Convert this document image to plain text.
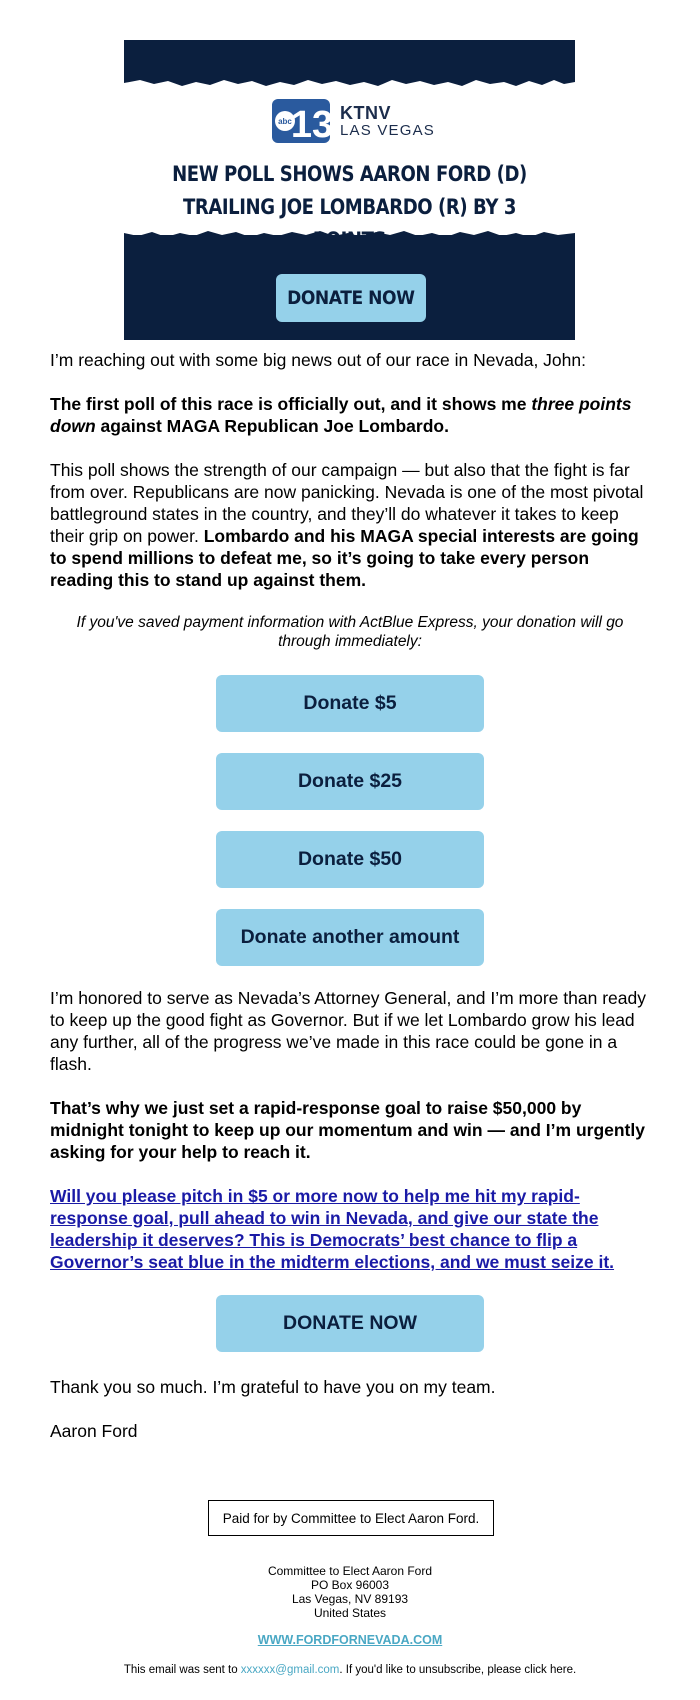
abc
13 KTNV
LAS VEGAS
NEW POLL SHOWS AARON FORD (D)
TRAILING JOE LOMBARDO (R) BY 3
DONATE NOW

I’m reaching out with some big news out of our race in Nevada, John:

The first poll of this race is officially out, and it shows me three points down against MAGA Republican Joe Lombardo.

This poll shows the strength of our campaign — but also that the fight is far from over. Republicans are now panicking. Nevada is one of the most pivotal battleground states in the country, and they’ll do whatever it takes to keep their grip on power. Lombardo and his MAGA special interests are going to spend millions to defeat me, so it’s going to take every person reading this to stand up against them.

If you've saved payment information with ActBlue Express, your donation will go through immediately:

Donate $5
Donate $25
Donate $50
Donate another amount

I’m honored to serve as Nevada’s Attorney General, and I’m more than ready to keep up the good fight as Governor. But if we let Lombardo grow his lead any further, all of the progress we’ve made in this race could be gone in a flash.

That’s why we just set a rapid-response goal to raise $50,000 by midnight tonight to keep up our momentum and win — and I’m urgently asking for your help to reach it.

Will you please pitch in $5 or more now to help me hit my rapid-response goal, pull ahead to win in Nevada, and give our state the leadership it deserves? This is Democrats’ best chance to flip a Governor’s seat blue in the midterm elections, and we must seize it.

DONATE NOW

Thank you so much. I’m grateful to have you on my team.

Aaron Ford

Paid for by Committee to Elect Aaron Ford.
Committee to Elect Aaron Ford
PO Box 96003
Las Vegas, NV 89193
United States
WWW.FORDFORNEVADA.COM
This email was sent to xxxxxx@gmail.com. If you'd like to unsubscribe, please click here.
